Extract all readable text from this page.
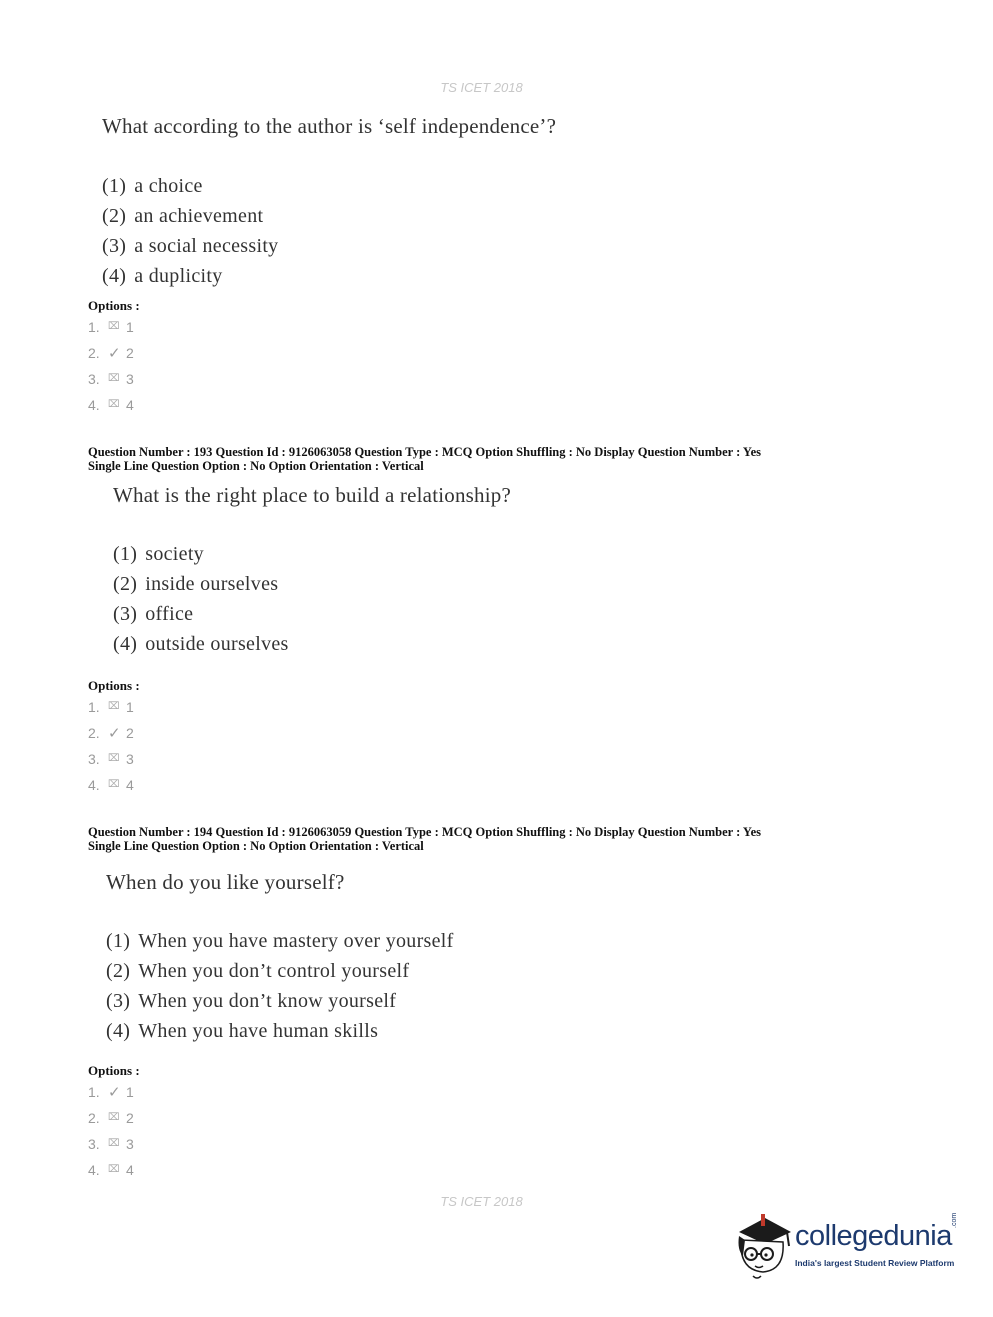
TS ICET 2018
What according to the author is ‘self independence’?
(1) a choice
(2) an achievement
(3) a social necessity
(4) a duplicity
Options :
1. ⌧ 1
2. ✓ 2
3. ⌧ 3
4. ⌧ 4
Question Number : 193 Question Id : 9126063058 Question Type : MCQ Option Shuffling : No Display Question Number : Yes
Single Line Question Option : No Option Orientation : Vertical
What is the right place to build a relationship?
(1) society
(2) inside ourselves
(3) office
(4) outside ourselves
Options :
1. ⌧ 1
2. ✓ 2
3. ⌧ 3
4. ⌧ 4
Question Number : 194 Question Id : 9126063059 Question Type : MCQ Option Shuffling : No Display Question Number : Yes
Single Line Question Option : No Option Orientation : Vertical
When do you like yourself?
(1) When you have mastery over yourself
(2) When you don’t control yourself
(3) When you don’t know yourself
(4) When you have human skills
Options :
1. ✓ 1
2. ⌧ 2
3. ⌧ 3
4. ⌧ 4
TS ICET 2018
collegedunia .com
India's largest Student Review Platform
